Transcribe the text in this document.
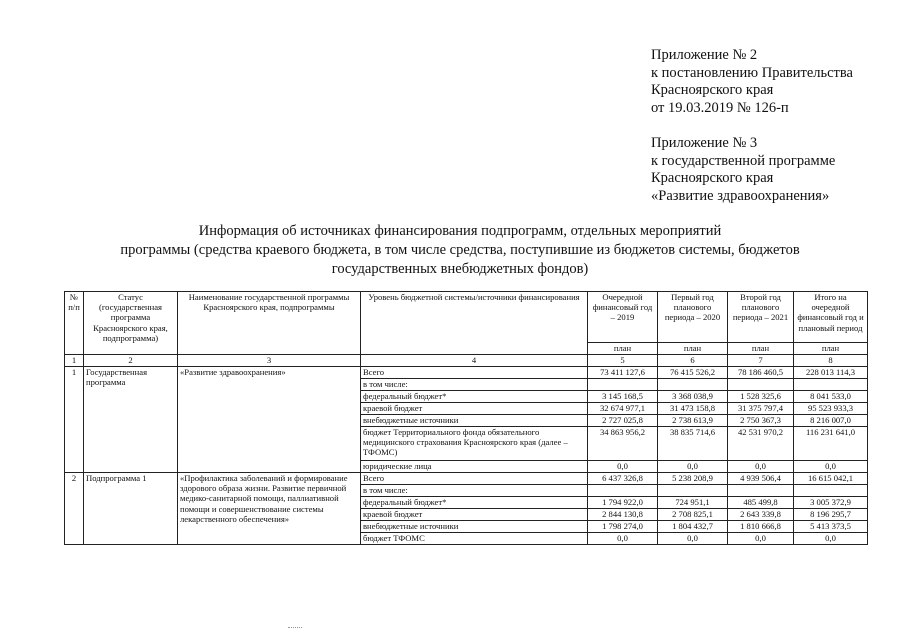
Приложение № 2
к постановлению Правительства
Красноярского края
от 19.03.2019 № 126-п
Приложение № 3
к государственной программе
Красноярского края
«Развитие здравоохранения»
Информация об источниках финансирования подпрограмм, отдельных мероприятий
программы (средства краевого бюджета, в том числе средства, поступившие из бюджетов системы, бюджетов
государственных внебюджетных фондов)
№ п/п	Статус (государственная программа Красноярского края, подпрограмма)	Наименование государственной программы Красноярского края, подпрограммы	Уровень бюджетной системы/источники финансирования	Очередной финансовый год – 2019	Первый год планового периода – 2020	Второй год планового периода – 2021	Итого на очередной финансовый год и плановый период
				план	план	план	план
1	2	3	4	5	6	7	8
1	Государственная программа	«Развитие здравоохранения»	Всего	73 411 127,6	76 415 526,2	78 186 460,5	228 013 114,3
			в том числе:				
			федеральный бюджет*	3 145 168,5	3 368 038,9	1 528 325,6	8 041 533,0
			краевой бюджет	32 674 977,1	31 473 158,8	31 375 797,4	95 523 933,3
			внебюджетные источники	2 727 025,8	2 738 613,9	2 750 367,3	8 216 007,0
			бюджет Территориального фонда обязательного медицинского страхования Красноярского края (далее – ТФОМС)	34 863 956,2	38 835 714,6	42 531 970,2	116 231 641,0
			юридические лица	0,0	0,0	0,0	0,0
2	Подпрограмма 1	«Профилактика заболеваний и формирование здорового образа жизни. Развитие первичной медико-санитарной помощи, паллиативной помощи и совершенствование системы лекарственного обеспечения»	Всего	6 437 326,8	5 238 208,9	4 939 506,4	16 615 042,1
			в том числе:				
			федеральный бюджет*	1 794 922,0	724 951,1	485 499,8	3 005 372,9
			краевой бюджет	2 844 130,8	2 708 825,1	2 643 339,8	8 196 295,7
			внебюджетные источники	1 798 274,0	1 804 432,7	1 810 666,8	5 413 373,5
			бюджет ТФОМС	0,0	0,0	0,0	0,0
